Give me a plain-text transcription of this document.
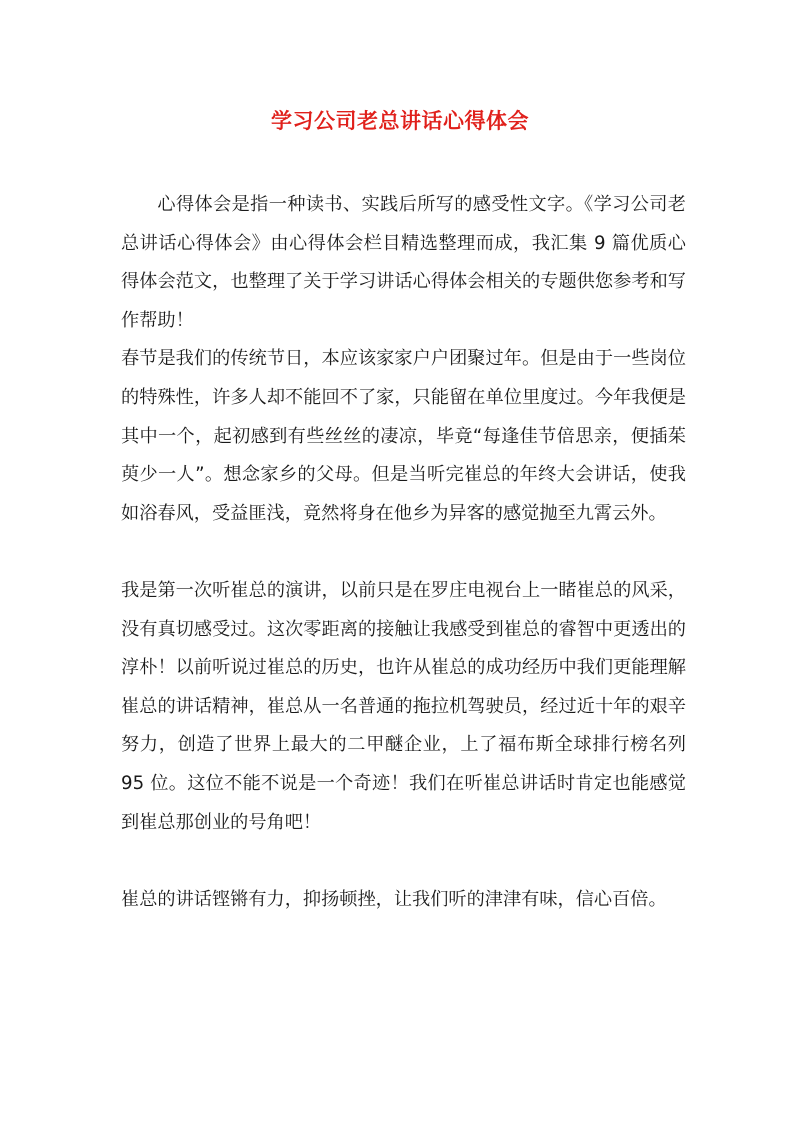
学习公司老总讲话心得体会

心得体会是指一种读书、实践后所写的感受性文字。《学习公司老总讲话心得体会》由心得体会栏目精选整理而成，我汇集 9 篇优质心得体会范文，也整理了关于学习讲话心得体会相关的专题供您参考和写作帮助！

春节是我们的传统节日，本应该家家户户团聚过年。但是由于一些岗位的特殊性，许多人却不能回不了家，只能留在单位里度过。今年我便是其中一个，起初感到有些丝丝的凄凉，毕竟“每逢佳节倍思亲，便插茱萸少一人”。想念家乡的父母。但是当听完崔总的年终大会讲话，使我如浴春风，受益匪浅，竟然将身在他乡为异客的感觉抛至九霄云外。

我是第一次听崔总的演讲，以前只是在罗庄电视台上一睹崔总的风采，没有真切感受过。这次零距离的接触让我感受到崔总的睿智中更透出的淳朴！以前听说过崔总的历史，也许从崔总的成功经历中我们更能理解崔总的讲话精神，崔总从一名普通的拖拉机驾驶员，经过近十年的艰辛努力，创造了世界上最大的二甲醚企业，上了福布斯全球排行榜名列 95 位。这位不能不说是一个奇迹！我们在听崔总讲话时肯定也能感觉到崔总那创业的号角吧！

崔总的讲话铿锵有力，抑扬顿挫，让我们听的津津有味，信心百倍。
